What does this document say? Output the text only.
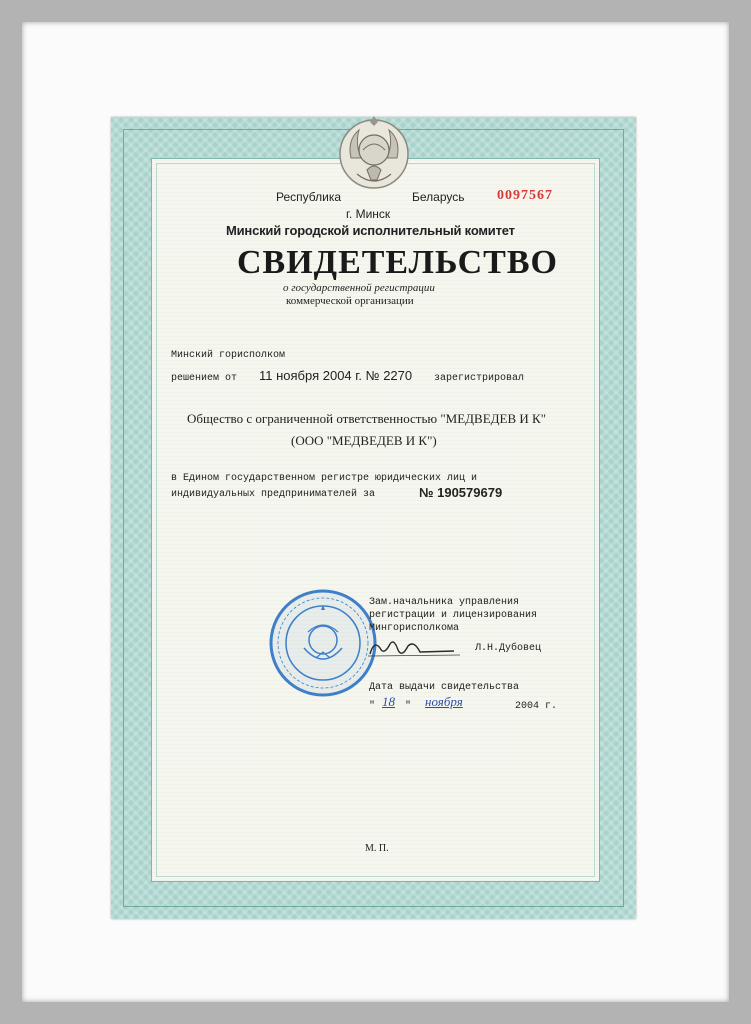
Республика	Беларусь 0097567
г. Минск
Минский городской исполнительный комитет
СВИДЕТЕЛЬСТВО
о государственной регистрации
коммерческой организации
Минский горисполком
решением от 11 ноября 2004 г. № 2270 зарегистрировал
Общество с ограниченной ответственностью "МЕДВЕДЕВ И К"
(ООО "МЕДВЕДЕВ И К")
в Едином государственном регистре юридических лиц и
индивидуальных предпринимателей за	№ 190579679
Зам.начальника управления
регистрации и лицензирования
Мингорисполкома
Л.Н.Дубовец
Дата выдачи свидетельства
" 18 " ноября	2004 г.
М. П.
